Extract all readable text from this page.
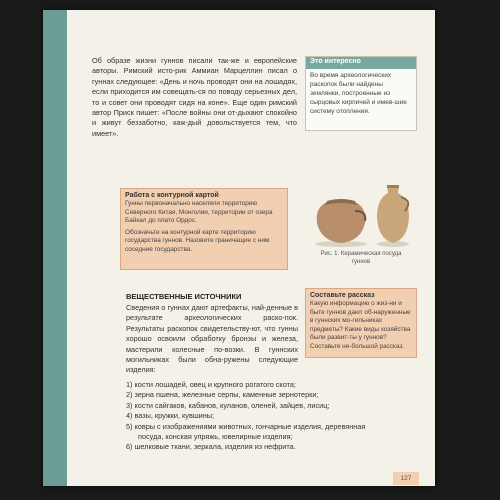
Об образе жизни гуннов писали так-же и европейские авторы. Римский исто-рик Аммиан Марцеллин писал о гуннах следующее: «День и ночь проводят они на лошадях, если приходится им совещать-ся по поводу серьезных дел, то и совет они проводят сидя на коне». Еще один римский автор Приск пишет: «После войны они от-дыхают спокойно и живут беззаботно, каж-дый довольствуется тем, что имеет».
Это интересно
Во время археологических раскопок были найдены землянки, построенные из сырцовых кирпичей и имев-шие систему отопления.
Работа с контурной картой
Гунны первоначально населяли территорию Северного Китая, Монголии, территории от озера Байкал до плато Ордос.
Обозначьте на контурной карте территорию государства гуннов. Назовите граничащие с ним соседние государства.
Рис. 1. Керамическая посуда гуннов
ВЕЩЕСТВЕННЫЕ ИСТОЧНИКИ	Составьте рассказ
Какую информацию о жиз-ни и быте гуннов дают об-наруженные в гуннских мо-гильниках предметы? Какие виды хозяйства были развит-ты у гуннов? Составьте не-большой рассказ.
Сведения о гуннах дают артефакты, най-денные в результате археологических раско-пок. Результаты раскопок свидетельству-ют, что гунны хорошо освоили обработку бронзы и железа, мастерили колесные по-возки. В гуннских могильниках были обна-ружены следующие изделия:
1) кости лошадей, овец и крупного рогатого скота;
2) зерна пшена, железные серпы, каменные зернотерки;
3) кости сайгаков, кабанов, куланов, оленей, зайцев, лисиц;
4) вазы, кружки, кувшины;
5) ковры с изображениями животных, гончарные изделия, деревянная
посуда, конская упряжь, ювелирные изделия;
6) шелковые ткани, зеркала, изделия из нефрита.
127
